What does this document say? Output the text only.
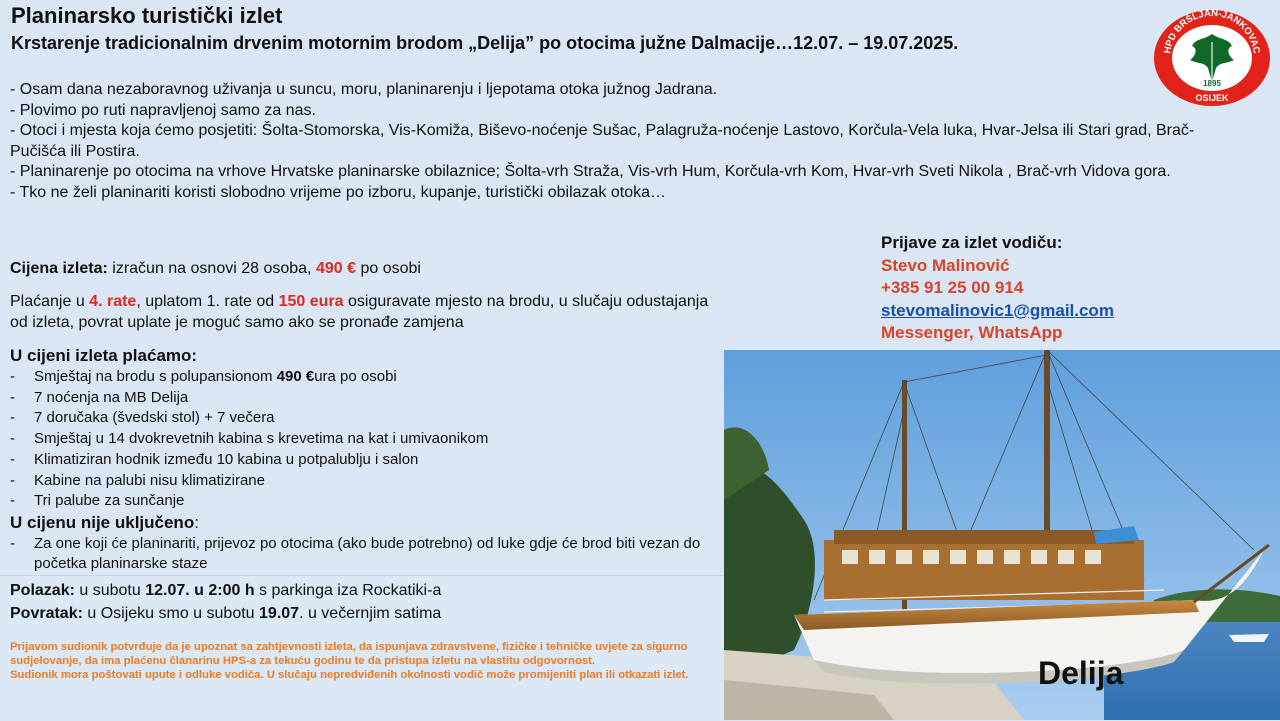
Planinarsko turistički izlet
Krstarenje tradicionalnim drvenim motornim brodom „Delija” po otocima južne Dalmacije…12.07. – 19.07.2025.	HPD BRŠLJAN-JANKOVAC
1895
OSIJEK
- Osam dana nezaboravnog uživanja u suncu, moru, planinarenju i ljepotama otoka južnog Jadrana.
- Plovimo po ruti napravljenoj samo za nas.
- Otoci i mjesta koja ćemo posjetiti: Šolta-Stomorska, Vis-Komiža, Biševo-noćenje Sušac, Palagruža-noćenje Lastovo, Korčula-Vela luka, Hvar-Jelsa ili Stari grad, Brač-Pučišća ili Postira.
- Planinarenje po otocima na vrhove Hrvatske planinarske obilaznice; Šolta-vrh Straža, Vis-vrh Hum, Korčula-vrh Kom, Hvar-vrh Sveti Nikola , Brač-vrh Vidova gora.
- Tko ne želi planinariti koristi slobodno vrijeme po izboru, kupanje, turistički obilazak otoka…
Prijave za izlet vodiču:
Stevo Malinović
+385 91 25 00 914
stevomalinovic1@gmail.com
Messenger, WhatsApp
Cijena izleta: izračun na osnovi 28 osoba, 490 € po osobi
Plaćanje u 4. rate, uplatom 1. rate od 150 eura osiguravate mjesto na brodu, u slučaju odustajanja od izleta, povrat uplate je moguć samo ako se pronađe zamjena
U cijeni izleta plaćamo:
- Smještaj na brodu s polupansionom 490 €ura po osobi
- 7 noćenja na MB Delija
- 7 doručaka (švedski stol) + 7 večera
- Smještaj u 14 dvokrevetnih kabina s krevetima na kat i umivaonikom
- Klimatiziran hodnik između 10 kabina u potpalublju i salon
- Kabine na palubi nisu klimatizirane
- Tri palube za sunčanje
U cijenu nije uključeno:
- Za one koji će planinariti, prijevoz po otocima (ako bude potrebno) od luke gdje će brod biti vezan do početka planinarske staze
Polazak: u subotu 12.07. u 2:00 h s parkinga iza Rockatiki-a
Povratak: u Osijeku smo u subotu 19.07. u večernjim satima
Prijavom sudionik potvrđuje da je upoznat sa zahtjevnosti izleta, da ispunjava zdravstvene, fizičke i tehničke uvjete za sigurno sudjelovanje, da ima plaćenu članarinu HPS-a za tekuću godinu te da pristupa izletu na vlastitu odgovornost.
Sudionik mora poštovati upute i odluke vodiča. U slučaju nepredviđenih okolnosti vodič može promijeniti plan ili otkazati izlet.	Delija
